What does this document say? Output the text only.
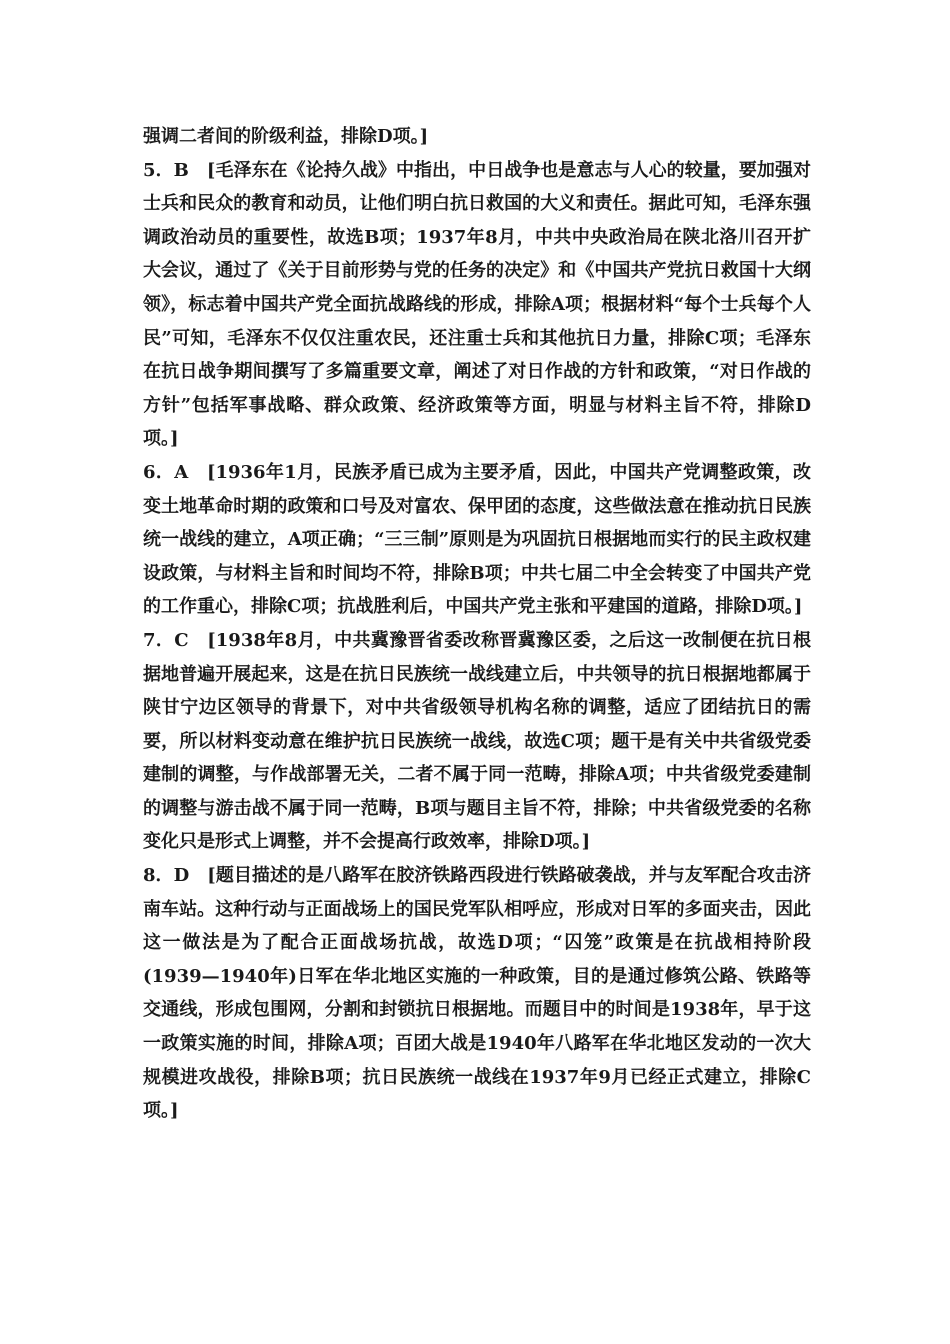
强调二者间的阶级利益，排除D项。]

5．B　[毛泽东在《论持久战》中指出，中日战争也是意志与人心的较量，要加强对士兵和民众的教育和动员，让他们明白抗日救国的大义和责任。据此可知，毛泽东强调政治动员的重要性，故选B项；1937年8月，中共中央政治局在陕北洛川召开扩大会议，通过了《关于目前形势与党的任务的决定》和《中国共产党抗日救国十大纲领》，标志着中国共产党全面抗战路线的形成，排除A项；根据材料“每个士兵每个人民”可知，毛泽东不仅仅注重农民，还注重士兵和其他抗日力量，排除C项；毛泽东在抗日战争期间撰写了多篇重要文章，阐述了对日作战的方针和政策，“对日作战的方针”包括军事战略、群众政策、经济政策等方面，明显与材料主旨不符，排除D项。]

6．A　[1936年1月，民族矛盾已成为主要矛盾，因此，中国共产党调整政策，改变土地革命时期的政策和口号及对富农、保甲团的态度，这些做法意在推动抗日民族统一战线的建立，A项正确；“三三制”原则是为巩固抗日根据地而实行的民主政权建设政策，与材料主旨和时间均不符，排除B项；中共七届二中全会转变了中国共产党的工作重心，排除C项；抗战胜利后，中国共产党主张和平建国的道路，排除D项。]

7．C　[1938年8月，中共冀豫晋省委改称晋冀豫区委，之后这一改制便在抗日根据地普遍开展起来，这是在抗日民族统一战线建立后，中共领导的抗日根据地都属于陕甘宁边区领导的背景下，对中共省级领导机构名称的调整，适应了团结抗日的需要，所以材料变动意在维护抗日民族统一战线，故选C项；题干是有关中共省级党委建制的调整，与作战部署无关，二者不属于同一范畴，排除A项；中共省级党委建制的调整与游击战不属于同一范畴，B项与题目主旨不符，排除；中共省级党委的名称变化只是形式上调整，并不会提高行政效率，排除D项。]

8．D　[题目描述的是八路军在胶济铁路西段进行铁路破袭战，并与友军配合攻击济南车站。这种行动与正面战场上的国民党军队相呼应，形成对日军的多面夹击，因此这一做法是为了配合正面战场抗战，故选D项；“囚笼”政策是在抗战相持阶段(1939—1940年)日军在华北地区实施的一种政策，目的是通过修筑公路、铁路等交通线，形成包围网，分割和封锁抗日根据地。而题目中的时间是1938年，早于这一政策实施的时间，排除A项；百团大战是1940年八路军在华北地区发动的一次大规模进攻战役，排除B项；抗日民族统一战线在1937年9月已经正式建立，排除C项。]
